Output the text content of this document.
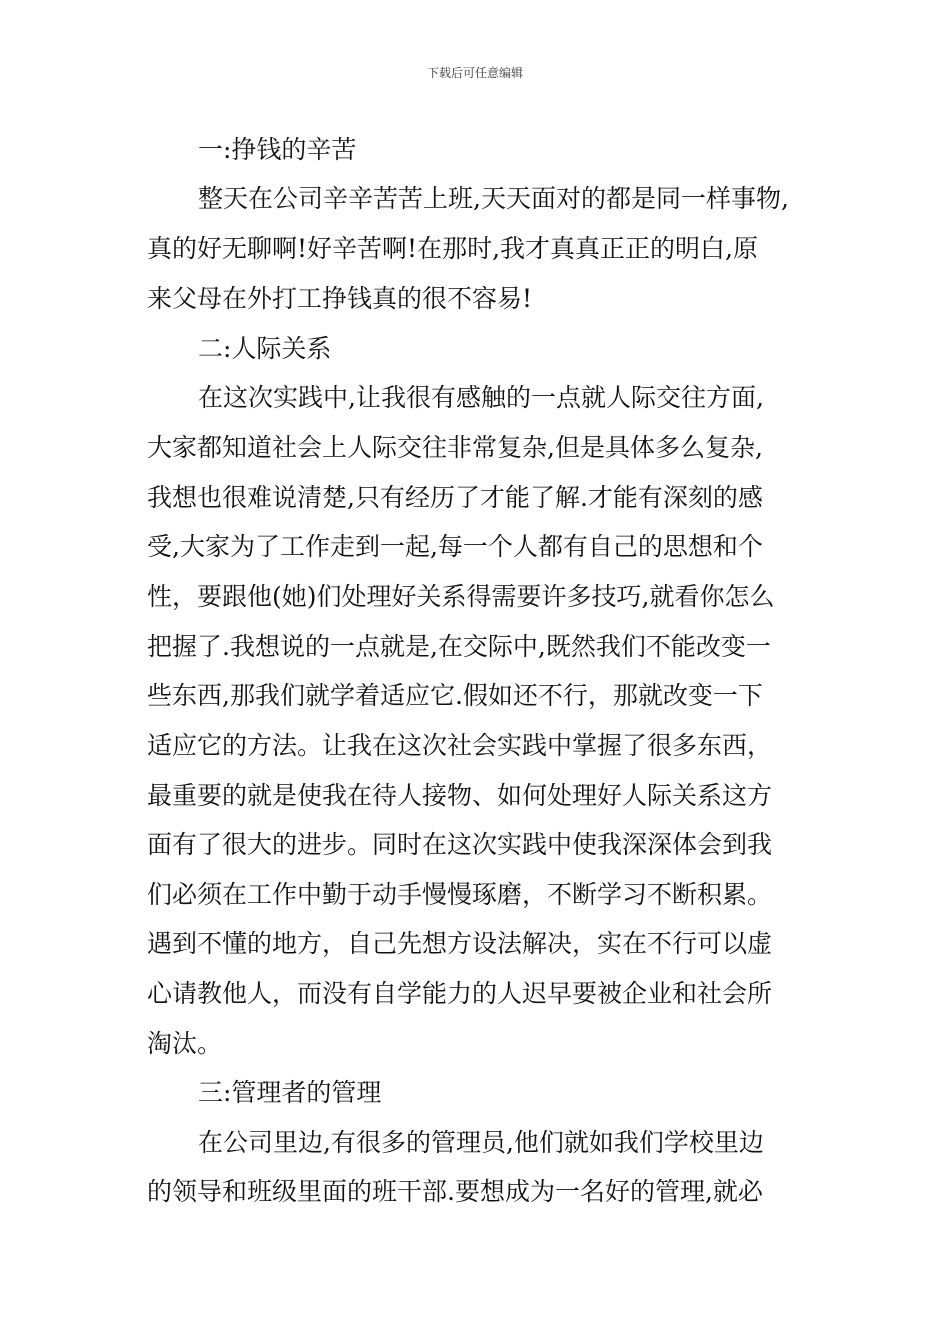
下载后可任意编辑
一:挣钱的辛苦
整天在公司辛辛苦苦上班,天天面对的都是同一样事物,
真的好无聊啊!好辛苦啊!在那时,我才真真正正的明白,原
来父母在外打工挣钱真的很不容易!
二:人际关系
在这次实践中,让我很有感触的一点就人际交往方面,
大家都知道社会上人际交往非常复杂,但是具体多么复杂,
我想也很难说清楚,只有经历了才能了解.才能有深刻的感
受,大家为了工作走到一起,每一个人都有自己的思想和个
性，要跟他(她)们处理好关系得需要许多技巧,就看你怎么
把握了.我想说的一点就是,在交际中,既然我们不能改变一
些东西,那我们就学着适应它.假如还不行，那就改变一下
适应它的方法。让我在这次社会实践中掌握了很多东西，
最重要的就是使我在待人接物、如何处理好人际关系这方
面有了很大的进步。同时在这次实践中使我深深体会到我
们必须在工作中勤于动手慢慢琢磨，不断学习不断积累。
遇到不懂的地方，自己先想方设法解决，实在不行可以虚
心请教他人，而没有自学能力的人迟早要被企业和社会所
淘汰。
三:管理者的管理
在公司里边,有很多的管理员,他们就如我们学校里边
的领导和班级里面的班干部.要想成为一名好的管理,就必
